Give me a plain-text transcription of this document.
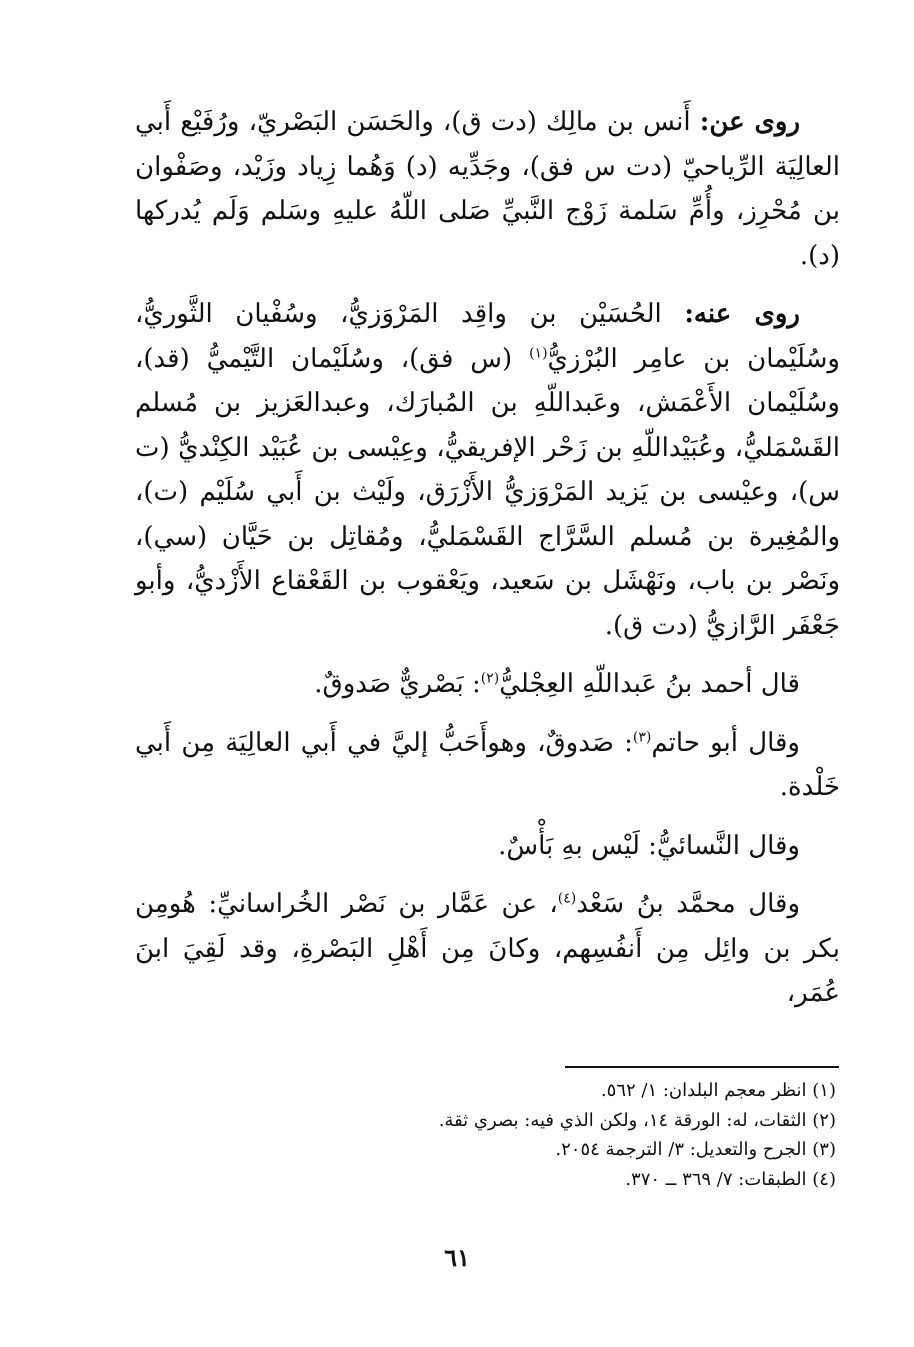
روى عن: أَنس بن مالِك (دت ق)، والحَسَن البَصْريّ، ورُفَيْع أَبي العالِيَة الرِّياحيّ (دت س فق)، وجَدِّيه (د) وَهُما زِياد وزَيْد، وصَفْوان بن مُحْرِز، وأُمِّ سَلمة زَوْج النَّبيِّ صَلى اللّهُ عليهِ وسَلم وَلَم يُدركها (د).

روى عنه: الحُسَيْن بن واقِد المَرْوَزيُّ، وسُفْيان الثَّوريُّ، وسُلَيْمان بن عامِر البُرْزيُّ$^{(١)}$ (س فق)، وسُلَيْمان التَّيْميُّ (قد)، وسُلَيْمان الأَعْمَش، وعَبداللّهِ بن المُبارَك، وعبدالعَزيز بن مُسلم القَسْمَليُّ، وعُبَيْداللّهِ بن زَحْر الإفريقيُّ، وعِيْسى بن عُبَيْد الكِنْديُّ (ت س)، وعيْسى بن يَزيد المَرْوَزيُّ الأَزْرَق، ولَيْث بن أَبي سُلَيْم (ت)، والمُغِيرة بن مُسلم السَّرَّاج القَسْمَليُّ، ومُقاتِل بن حَيَّان (سي)، ونَصْر بن باب، ونَهْشَل بن سَعيد، ويَعْقوب بن القَعْقاع الأَزْديُّ، وأبو جَعْفَر الرَّازيُّ (دت ق).

قال أحمد بنُ عَبداللّهِ العِجْليُّ$^{(٢)}$: بَصْريٌّ صَدوقٌ.

وقال أبو حاتم$^{(٣)}$: صَدوقٌ، وهوأَحَبُّ إليَّ في أَبي العالِيَة مِن أَبي خَلْدة.

وقال النَّسائيُّ: لَيْس بهِ بَأْسٌ.

وقال محمَّد بنُ سَعْد$^{(٤)}$، عن عَمَّار بن نَصْر الخُراسانيِّ: هُومِن بكر بن وائِل مِن أَنفُسِهم، وكانَ مِن أَهْلِ البَصْرةِ، وقد لَقِيَ ابنَ عُمَر،

(١) انظر معجم البلدان: ١/ ٥٦٢.

(٢) الثقات، له: الورقة ١٤، ولكن الذي فيه: بصري ثقة.

(٣) الجرح والتعديل: ٣/ الترجمة ٢٠٥٤.

(٤) الطبقات: ٧/ ٣٦٩ ــ ٣٧٠.

٦١
